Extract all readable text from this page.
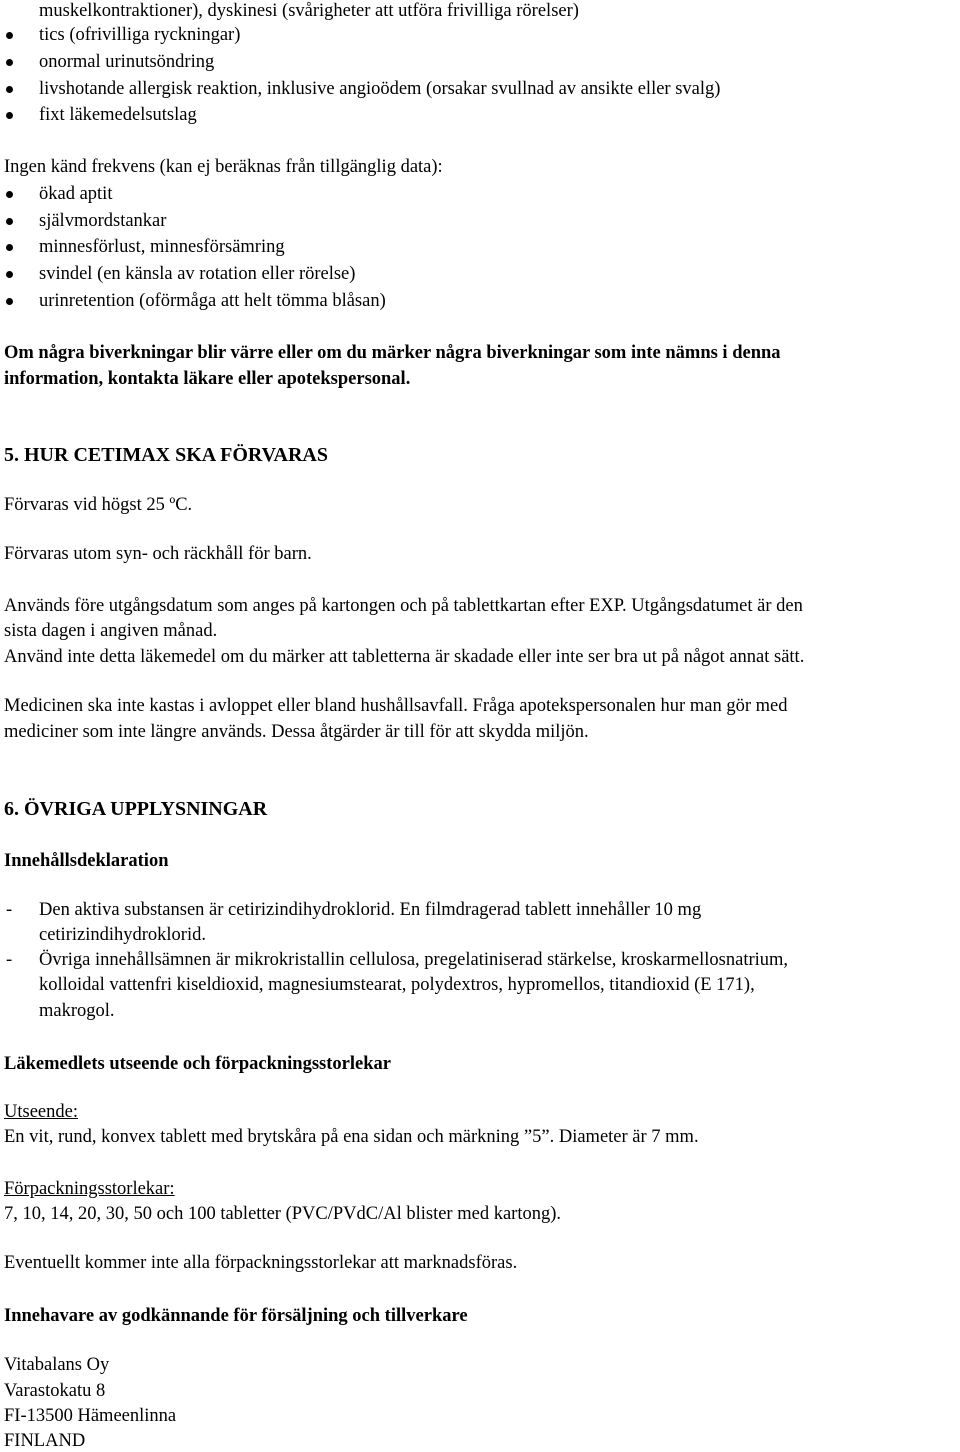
muskelkontraktioner), dyskinesi (svårigheter att utföra frivilliga rörelser)
tics (ofrivilliga ryckningar)
onormal urinutsöndring
livshotande allergisk reaktion, inklusive angioödem (orsakar svullnad av ansikte eller svalg)
fixt läkemedelsutslag
Ingen känd frekvens (kan ej beräknas från tillgänglig data):
ökad aptit
självmordstankar
minnesförlust, minnesförsämring
svindel (en känsla av rotation eller rörelse)
urinretention (oförmåga att helt tömma blåsan)
Om några biverkningar blir värre eller om du märker några biverkningar som inte nämns i denna
information, kontakta läkare eller apotekspersonal.
5. HUR CETIMAX SKA FÖRVARAS
Förvaras vid högst 25 ºC.
Förvaras utom syn- och räckhåll för barn.
Används före utgångsdatum som anges på kartongen och på tablettkartan efter EXP. Utgångsdatumet är den
sista dagen i angiven månad.
Använd inte detta läkemedel om du märker att tabletterna är skadade eller inte ser bra ut på något annat sätt.
Medicinen ska inte kastas i avloppet eller bland hushållsavfall. Fråga apotekspersonalen hur man gör med
mediciner som inte längre används. Dessa åtgärder är till för att skydda miljön.
6. ÖVRIGA UPPLYSNINGAR
Innehållsdeklaration
- Den aktiva substansen är cetirizindihydroklorid. En filmdragerad tablett innehåller 10 mg
cetirizindihydroklorid.
- Övriga innehållsämnen är mikrokristallin cellulosa, pregelatiniserad stärkelse, kroskarmellosnatrium,
kolloidal vattenfri kiseldioxid, magnesiumstearat, polydextros, hypromellos, titandioxid (E 171),
makrogol.
Läkemedlets utseende och förpackningsstorlekar
Utseende:
En vit, rund, konvex tablett med brytskåra på ena sidan och märkning ”5”. Diameter är 7 mm.
Förpackningsstorlekar:
7, 10, 14, 20, 30, 50 och 100 tabletter (PVC/PVdC/Al blister med kartong).
Eventuellt kommer inte alla förpackningsstorlekar att marknadsföras.
Innehavare av godkännande för försäljning och tillverkare
Vitabalans Oy
Varastokatu 8
FI-13500 Hämeenlinna
FINLAND
